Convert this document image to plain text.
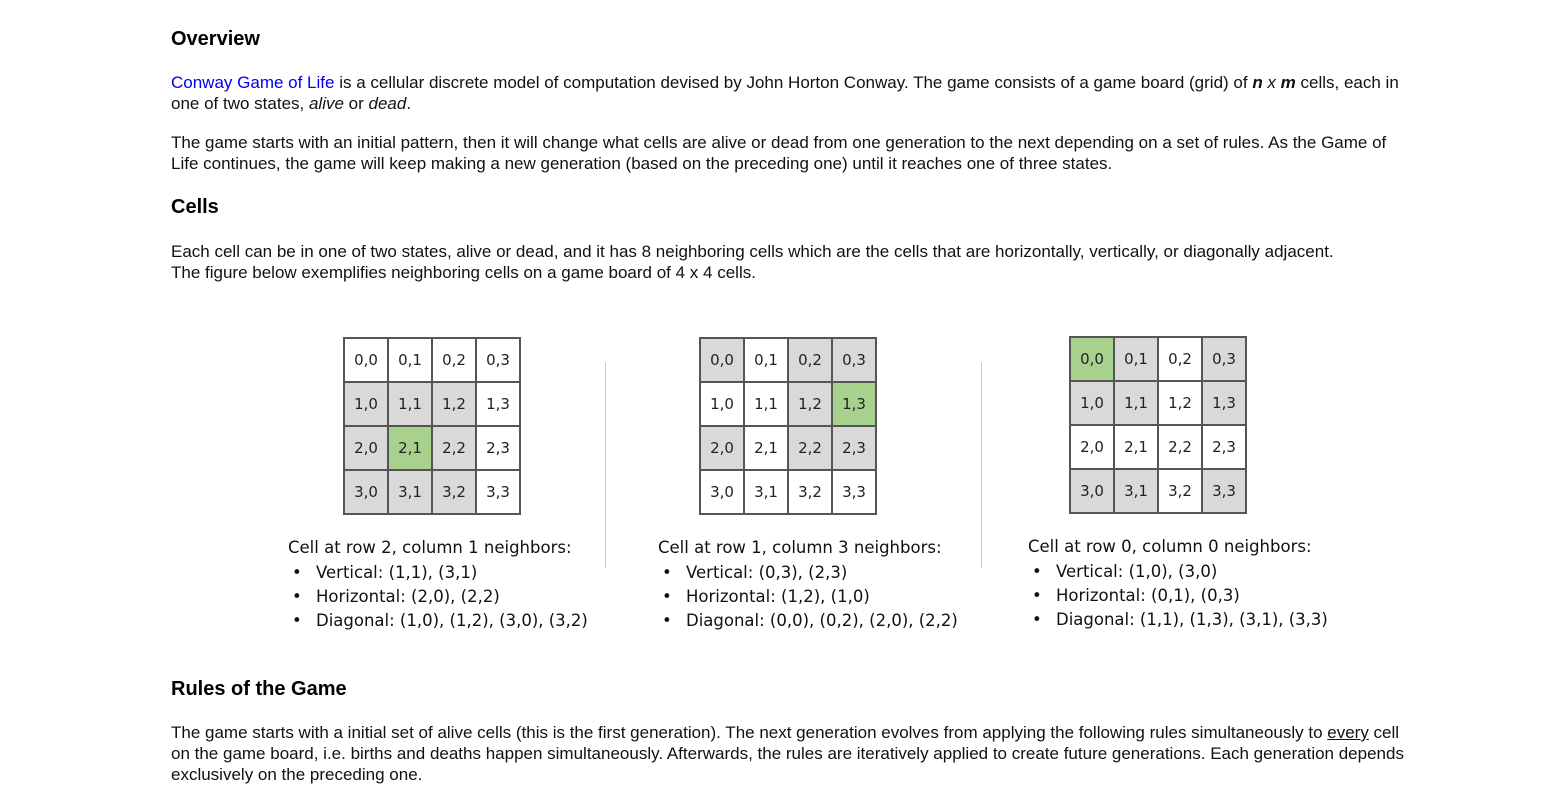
Overview

Conway Game of Life is a cellular discrete model of computation devised by John Horton Conway. The game consists of a game board (grid) of n x m cells, each in one of two states, alive or dead.

The game starts with an initial pattern, then it will change what cells are alive or dead from one generation to the next depending on a set of rules. As the Game of Life continues, the game will keep making a new generation (based on the preceding one) until it reaches one of three states.

Cells

Each cell can be in one of two states, alive or dead, and it has 8 neighboring cells which are the cells that are horizontally, vertically, or diagonally adjacent. The figure below exemplifies neighboring cells on a game board of 4 x 4 cells.

Rules of the Game

The game starts with a initial set of alive cells (this is the first generation). The next generation evolves from applying the following rules simultaneously to every cell on the game board, i.e. births and deaths happen simultaneously. Afterwards, the rules are iteratively applied to create future generations. Each generation depends exclusively on the preceding one.

0,0	0,1	0,2	0,3
1,0	1,1	1,2	1,3
2,0	2,1	2,2	2,3
3,0	3,1	3,2	3,3
Cell at row 2, column 1 neighbors:
• Vertical: (1,1), (3,1)
• Horizontal: (2,0), (2,2)
• Diagonal: (1,0), (1,2), (3,0), (3,2)
0,0	0,1	0,2	0,3
1,0	1,1	1,2	1,3
2,0	2,1	2,2	2,3
3,0	3,1	3,2	3,3
Cell at row 1, column 3 neighbors:
• Vertical: (0,3), (2,3)
• Horizontal: (1,2), (1,0)
• Diagonal: (0,0), (0,2), (2,0), (2,2)
0,0	0,1	0,2	0,3
1,0	1,1	1,2	1,3
2,0	2,1	2,2	2,3
3,0	3,1	3,2	3,3
Cell at row 0, column 0 neighbors:
• Vertical: (1,0), (3,0)
• Horizontal: (0,1), (0,3)
• Diagonal: (1,1), (1,3), (3,1), (3,3)
